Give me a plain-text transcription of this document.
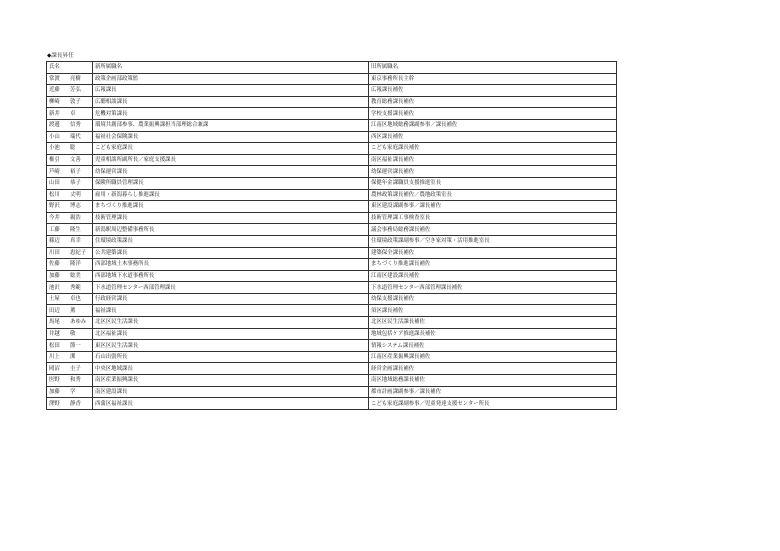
◆課長昇任
氏名	新所属職名	旧所属職名

常渡 亮樹	政策企画部政策監	東京事務所長主幹

近藤 芳弘	広報課長	広報課長補佐

柳崎 敦子	広聴相談課長	教育総務課長補佐

新井 卓	危機対策課長	学校支援課長補佐

渡邊 信秀	環境共創部参事、農業振興課担当部理総合兼課	江南区地域総務課副参事／課長補佐

小山 瑞代	福祉社会保険課長	西区課長補佐

小池 聡	こども家庭課長	こども家庭課長補佐

権引 文善	児童相談所副所長／家庭支援課長	南区福祉課長補佐

芦崎 裕子	幼保運営課長	幼保運営課長補佐

山田 恭子	保険所職員管理課長	保健年金課職員支援推進室長

松川 丈明	雇用・新潟暮らし推進課長	農林政策課長補佐／農地政策室長

野沢 博志	まちづくり推進課長	東区建設課副参事／課長補佐

今井 親浩	技術管理課長	技術管理課工事検査室長

工藤 隆生	新潟駅周辺整備事務所長	議会事務局総務課長補佐

篠辺 真幸	住環境政策課長	住環境政策課副参事／空き家対策・活用推進室長

川田 恵紀子	公共建築課長	建築保全課長補佐

佐藤 隆洋	西部地域土木事務所長	まちづくり推進課長補佐

加藤 総美	西部地域下水道事務所長	江南区建設課長補佐

池沢 秀範	下水道管理センター西部管理課長	下水道管理センター西部管理課長補佐

土屋 卓也	行政経営課長	幼保支援課長補佐

田辺 薫	福祉課長	須区課長補佐

馬尾 あゆみ	北区区民生活課長	北区区民生活課長補佐

井越 敬	北区福祉課長	地域包括ケア推進課長補佐

松田 節一	東区区民生活課長	情報システム課長補佐

川上 潔	石山出張所長	江南区産業振興課長補佐

岡沼 圭子	中央区地域課長	経営企画課長補佐

医野 和秀	南区産業振興課長	南区地域総務課長補佐

加藤 学	南区建設課長	都市計画課副参事／課長補佐

澤野 静香	西蒲区福祉課長	こども家庭課副参事／児童発達支援センター所長
